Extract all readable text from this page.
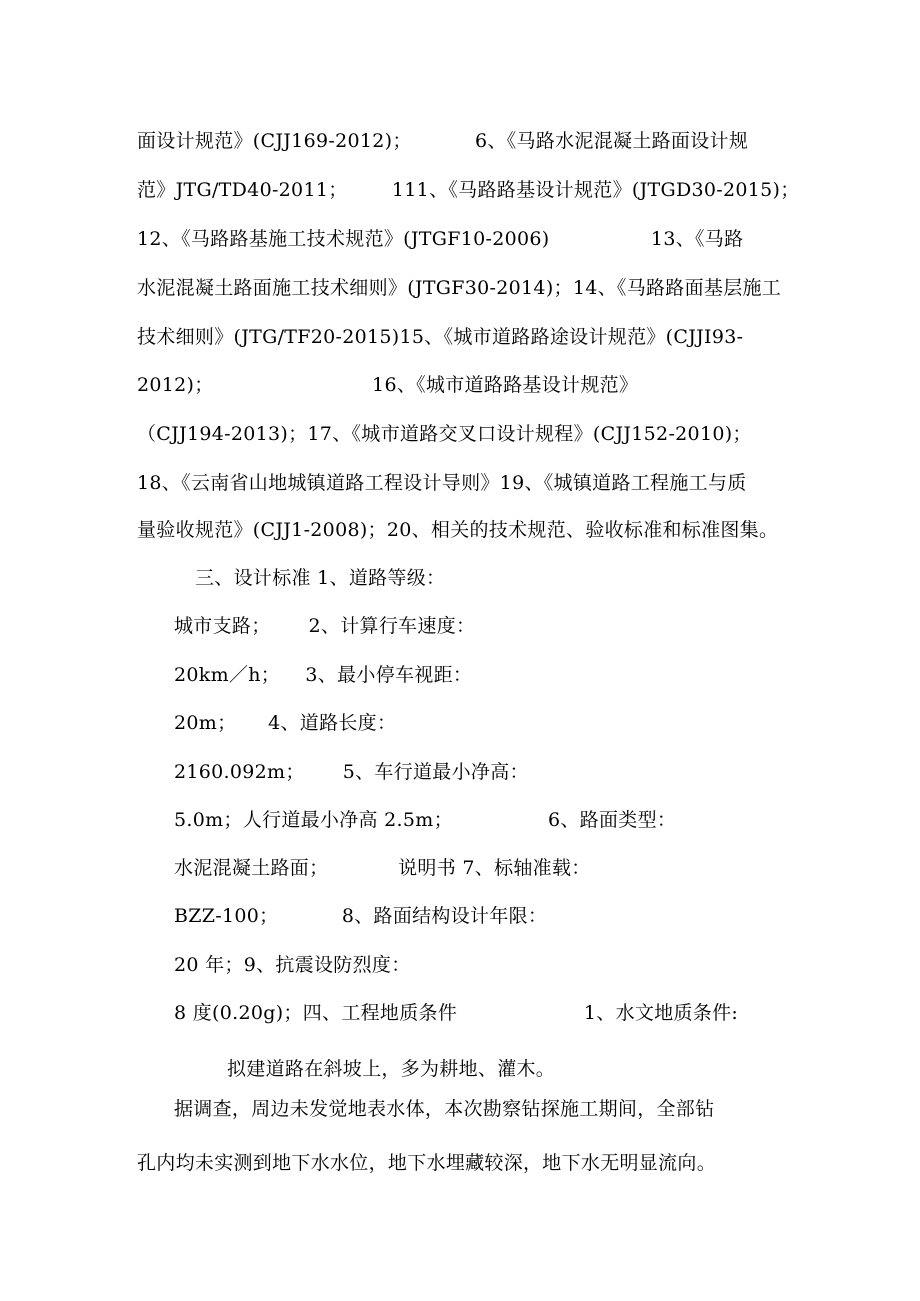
面设计规范》(CJJ169-2012)；          6、《马路水泥混凝土路面设计规
范》JTG/TD40-2011；       111、《马路路基设计规范》(JTGD30-2015)；
12、《马路路基施工技术规范》(JTGF10-2006)                13、《马路
水泥混凝土路面施工技术细则》(JTGF30-2014)；14、《马路路面基层施工
技术细则》(JTG/TF20-2015)15、《城市道路路途设计规范》(CJJI93-
2012)；                         16、《城市道路路基设计规范》
（CJJ194-2013)；17、《城市道路交叉口设计规程》(CJJ152-2010)；
18、《云南省山地城镇道路工程设计导则》19、《城镇道路工程施工与质
量验收规范》(CJJ1-2008)；20、相关的技术规范、验收标准和标准图集。
三、设计标准 1、道路等级：
城市支路；      2、计算行车速度：
20km／h；    3、最小停车视距：
20m；     4、道路长度：
2160.092m；      5、车行道最小净高：
5.0m；人行道最小净高 2.5m；               6、路面类型：
水泥混凝土路面；           说明书 7、标轴准载：
BZZ-100；          8、路面结构设计年限：
20 年；9、抗震设防烈度：
8 度(0.20g)；四、工程地质条件                    1、水文地质条件:
拟建道路在斜坡上，多为耕地、灌木。
据调查，周边未发觉地表水体，本次勘察钻探施工期间，全部钻
孔内均未实测到地下水水位，地下水埋藏较深，地下水无明显流向。
